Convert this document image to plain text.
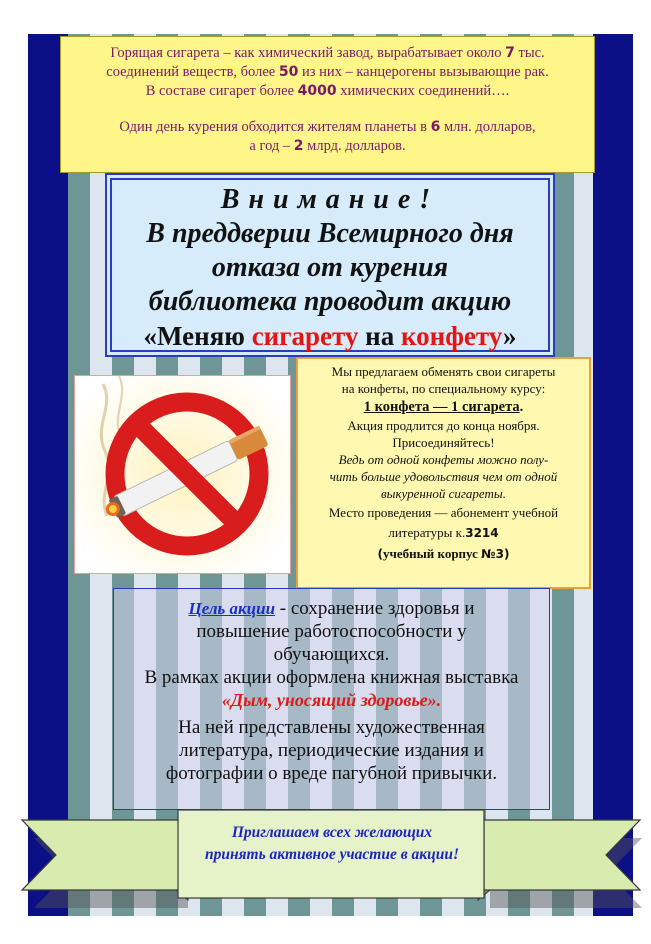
Горящая сигарета – как химический завод, вырабатывает около 7 тыс.
соединений веществ, более 50 из них – канцерогены вызывающие рак.
В составе сигарет более 4000 химических соединений….
Один день курения обходится жителям планеты в 6 млн. долларов,
а год – 2 млрд. долларов.
Внимание!
В преддверии Всемирного дня
отказа от курения
библиотека проводит акцию
«Меняю сигарету на конфету»
Мы предлагаем обменять свои сигареты
на конфеты, по специальному курсу:
1 конфета — 1 сигарета.
Акция продлится до конца ноября.
Присоединяйтесь!
Ведь от одной конфеты можно полу-
чить больше удовольствия чем от одной
выкуренной сигареты.
Место проведения — абонемент учебной
литературы к.3214
(учебный корпус №3)
Цель акции - сохранение здоровья и
повышение работоспособности у
обучающихся.
В рамках акции оформлена книжная выставка
«Дым, уносящий здоровье».
На ней представлены художественная
литература, периодические издания и
фотографии о вреде пагубной привычки.
Приглашаем всех желающих
принять активное участие в акции!
